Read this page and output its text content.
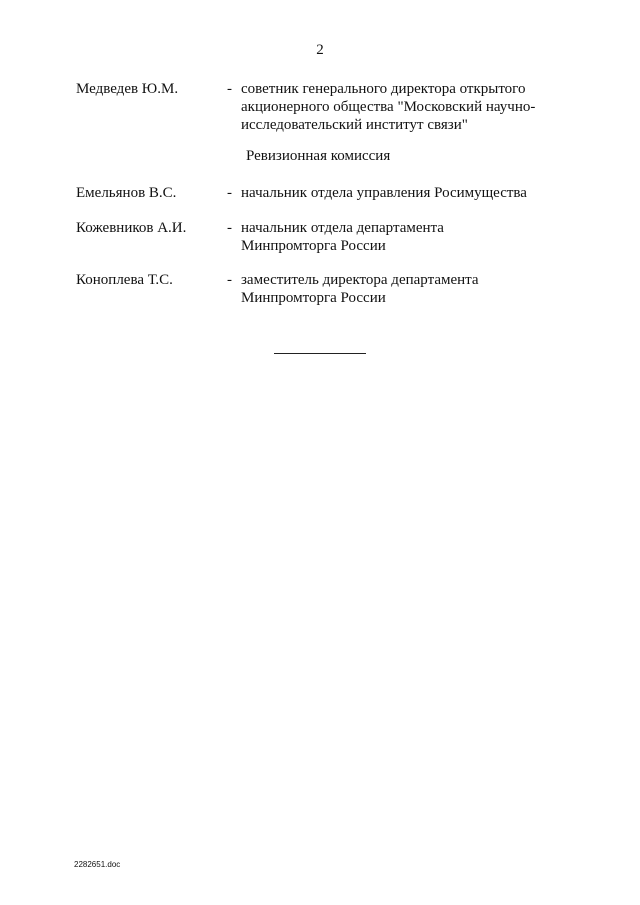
2
Медведев Ю.М.	- советник генерального директора открытого
акционерного общества "Московский научно-
исследовательский институт связи"
Ревизионная комиссия
Емельянов В.С.	- начальник отдела управления Росимущества
Кожевников А.И.	- начальник отдела департамента
Минпромторга России
Коноплева Т.С.	- заместитель директора департамента
Минпромторга России
2282651.doc
